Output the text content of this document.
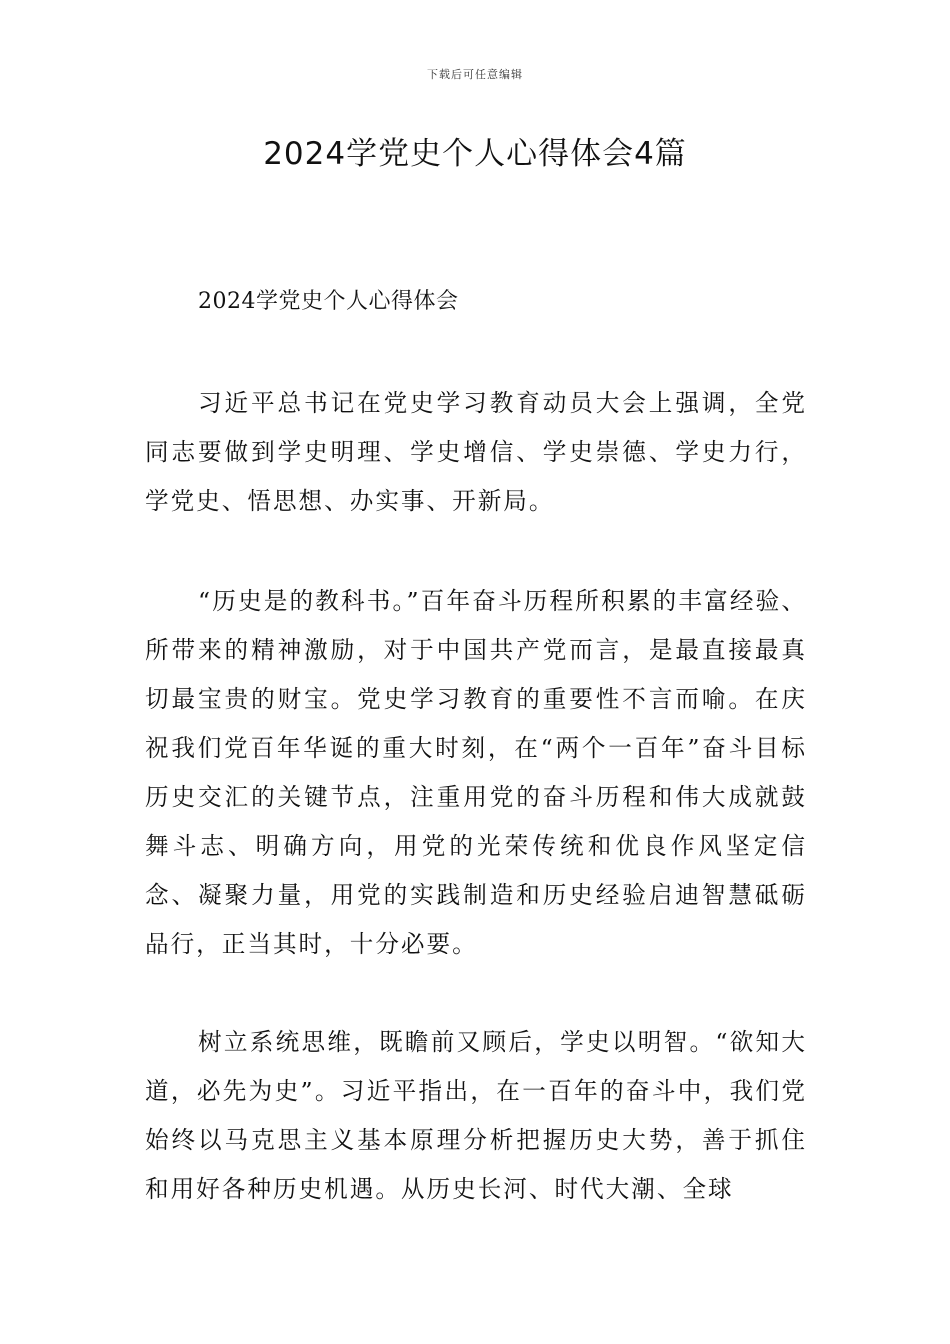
下载后可任意编辑
2024学党史个人心得体会4篇
2024学党史个人心得体会

习近平总书记在党史学习教育动员大会上强调，全党同志要做到学史明理、学史增信、学史崇德、学史力行，学党史、悟思想、办实事、开新局。

“历史是的教科书。”百年奋斗历程所积累的丰富经验、所带来的精神激励，对于中国共产党而言，是最直接最真切最宝贵的财宝。党史学习教育的重要性不言而喻。在庆祝我们党百年华诞的重大时刻，在“两个一百年”奋斗目标历史交汇的关键节点，注重用党的奋斗历程和伟大成就鼓舞斗志、明确方向，用党的光荣传统和优良作风坚定信念、凝聚力量，用党的实践制造和历史经验启迪智慧砥砺品行，正当其时，十分必要。

树立系统思维，既瞻前又顾后，学史以明智。“欲知大道，必先为史”。习近平指出，在一百年的奋斗中，我们党始终以马克思主义基本原理分析把握历史大势，善于抓住和用好各种历史机遇。从历史长河、时代大潮、全球
